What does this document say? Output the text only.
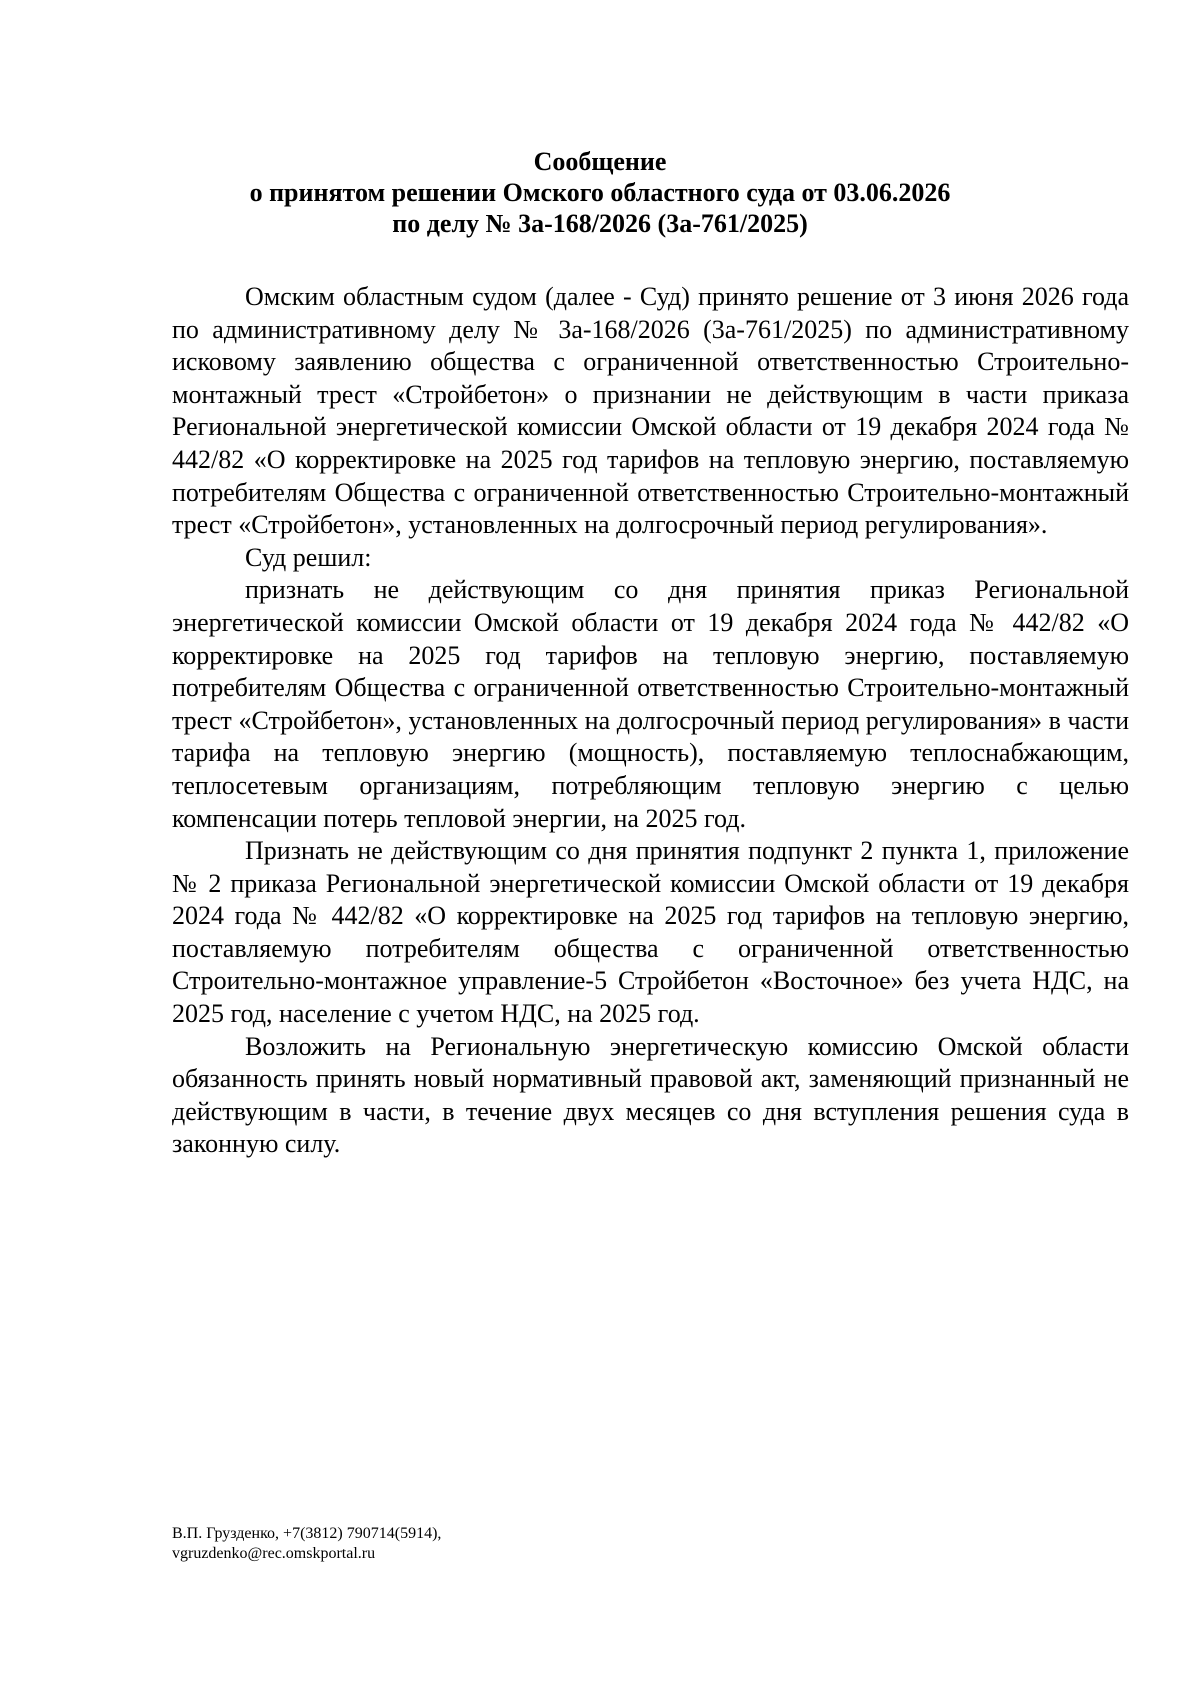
Сообщение
о принятом решении Омского областного суда от 03.06.2026
по делу № 3а-168/2026 (3а-761/2025)

Омским областным судом (далее - Суд) принято решение от 3 июня 2026 года по административному делу № 3а-168/2026 (3а-761/2025) по административному исковому заявлению общества с ограниченной ответственностью Строительно-монтажный трест «Стройбетон» о признании не действующим в части приказа Региональной энергетической комиссии Омской области от 19 декабря 2024 года № 442/82 «О корректировке на 2025 год тарифов на тепловую энергию, поставляемую потребителям Общества с ограниченной ответственностью Строительно-монтажный трест «Стройбетон», установленных на долгосрочный период регулирования».

Суд решил:

признать не действующим со дня принятия приказ Региональной энергетической комиссии Омской области от 19 декабря 2024 года № 442/82 «О корректировке на 2025 год тарифов на тепловую энергию, поставляемую потребителям Общества с ограниченной ответственностью Строительно-монтажный трест «Стройбетон», установленных на долгосрочный период регулирования» в части тарифа на тепловую энергию (мощность), поставляемую теплоснабжающим, теплосетевым организациям, потребляющим тепловую энергию с целью компенсации потерь тепловой энергии, на 2025 год.

Признать не действующим со дня принятия подпункт 2 пункта 1, приложение № 2 приказа Региональной энергетической комиссии Омской области от 19 декабря 2024 года № 442/82 «О корректировке на 2025 год тарифов на тепловую энергию, поставляемую потребителям общества с ограниченной ответственностью Строительно-монтажное управление-5 Стройбетон «Восточное» без учета НДС, на 2025 год, население с учетом НДС, на 2025 год.

Возложить на Региональную энергетическую комиссию Омской области обязанность принять новый нормативный правовой акт, заменяющий признанный не действующим в части, в течение двух месяцев со дня вступления решения суда в законную силу.

В.П. Грузденко, +7(3812) 790714(5914),
vgruzdenko@rec.omskportal.ru
